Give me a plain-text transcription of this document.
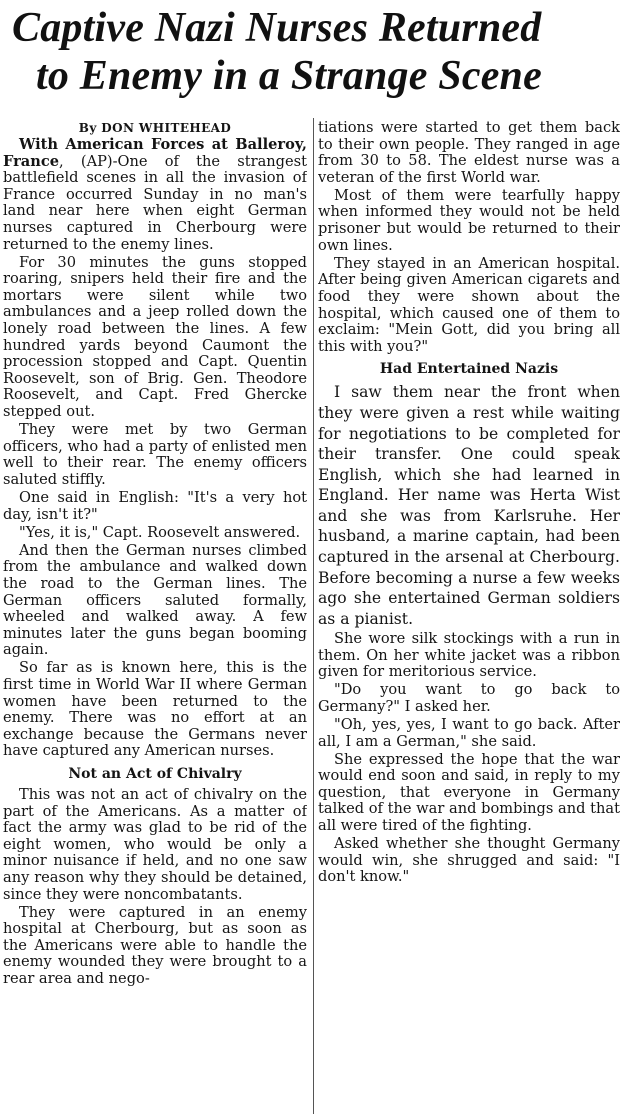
Captive Nazi Nurses Returned
to Enemy in a Strange Scene
By DON WHITEHEAD

With American Forces at Balleroy, France, (AP)-One of the strangest battlefield scenes in all the invasion of France occurred Sunday in no man's land near here when eight German nurses captured in Cherbourg were returned to the enemy lines.

For 30 minutes the guns stopped roaring, snipers held their fire and the mortars were silent while two ambulances and a jeep rolled down the lonely road between the lines. A few hundred yards beyond Caumont the procession stopped and Capt. Quentin Roosevelt, son of Brig. Gen. Theodore Roosevelt, and Capt. Fred Ghercke stepped out.

They were met by two German officers, who had a party of enlisted men well to their rear. The enemy officers saluted stiffly.

One said in English: "It's a very hot day, isn't it?"

"Yes, it is," Capt. Roosevelt answered.

And then the German nurses climbed from the ambulance and walked down the road to the German lines. The German officers saluted formally, wheeled and walked away. A few minutes later the guns began booming again.

So far as is known here, this is the first time in World War II where German women have been returned to the enemy. There was no effort at an exchange because the Germans never have captured any American nurses.

Not an Act of Chivalry

This was not an act of chivalry on the part of the Americans. As a matter of fact the army was glad to be rid of the eight women, who would be only a minor nuisance if held, and no one saw any reason why they should be detained, since they were noncombatants.

They were captured in an enemy hospital at Cherbourg, but as soon as the Americans were able to handle the enemy wounded they were brought to a rear area and nego-

tiations were started to get them back to their own people. They ranged in age from 30 to 58. The eldest nurse was a veteran of the first World war.

Most of them were tearfully happy when informed they would not be held prisoner but would be returned to their own lines.

They stayed in an American hospital. After being given American cigarets and food they were shown about the hospital, which caused one of them to exclaim: "Mein Gott, did you bring all this with you?"

Had Entertained Nazis

I saw them near the front when they were given a rest while waiting for negotiations to be completed for their transfer. One could speak English, which she had learned in England. Her name was Herta Wist and she was from Karlsruhe. Her husband, a marine captain, had been captured in the arsenal at Cherbourg. Before becoming a nurse a few weeks ago she entertained German soldiers as a pianist.

She wore silk stockings with a run in them. On her white jacket was a ribbon given for meritorious service.

"Do you want to go back to Germany?" I asked her.

"Oh, yes, yes, I want to go back. After all, I am a German," she said.

She expressed the hope that the war would end soon and said, in reply to my question, that everyone in Germany talked of the war and bombings and that all were tired of the fighting.

Asked whether she thought Germany would win, she shrugged and said: "I don't know."
